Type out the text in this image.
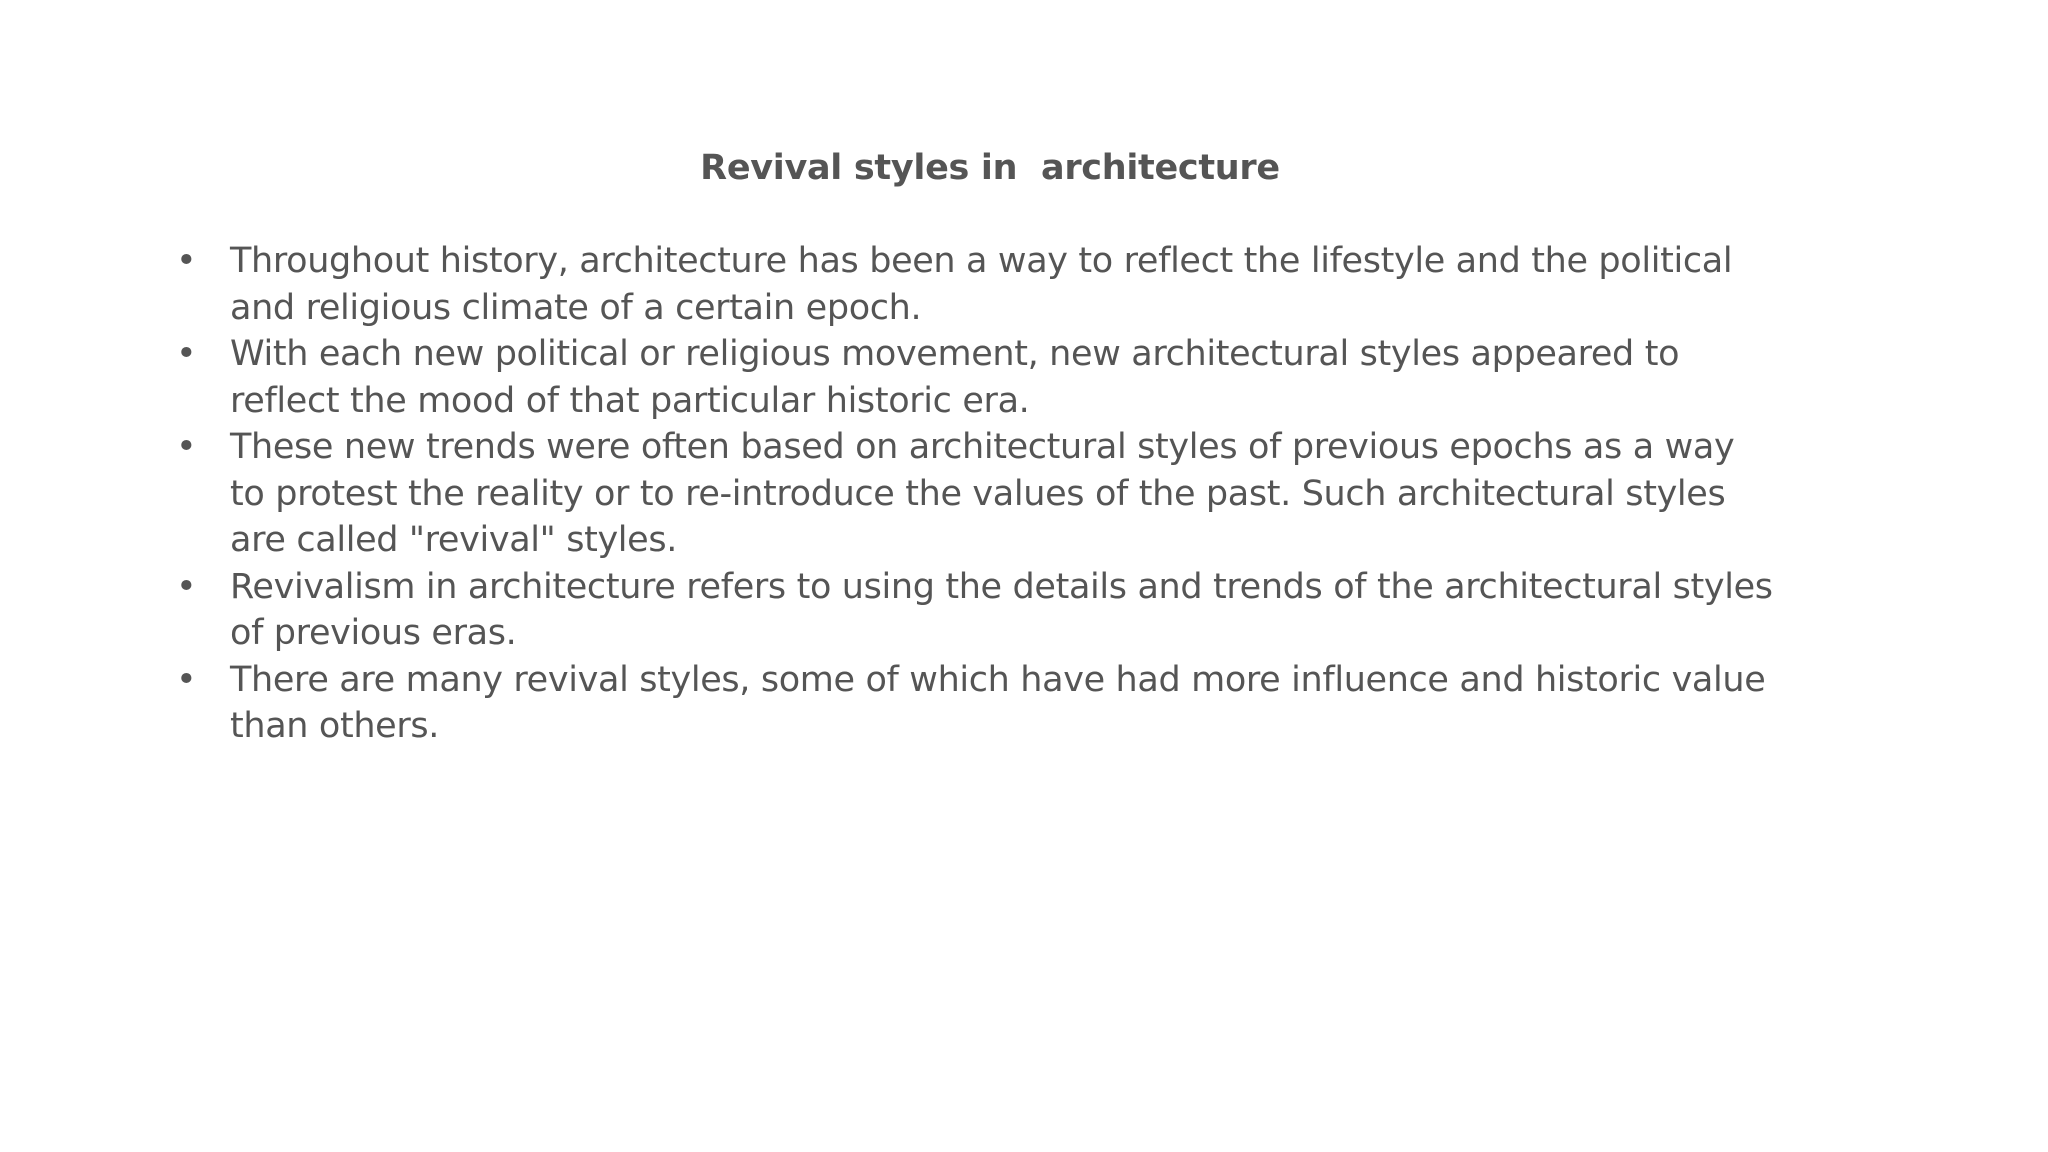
Revival styles in  architecture
• Throughout history, architecture has been a way to reflect the lifestyle and the political and religious climate of a certain epoch.
• With each new political or religious movement, new architectural styles appeared to reflect the mood of that particular historic era.
• These new trends were often based on architectural styles of previous epochs as a way to protest the reality or to re-introduce the values of the past. Such architectural styles are called "revival" styles.
• Revivalism in architecture refers to using the details and trends of the architectural styles of previous eras.
• There are many revival styles, some of which have had more influence and historic value than others.
